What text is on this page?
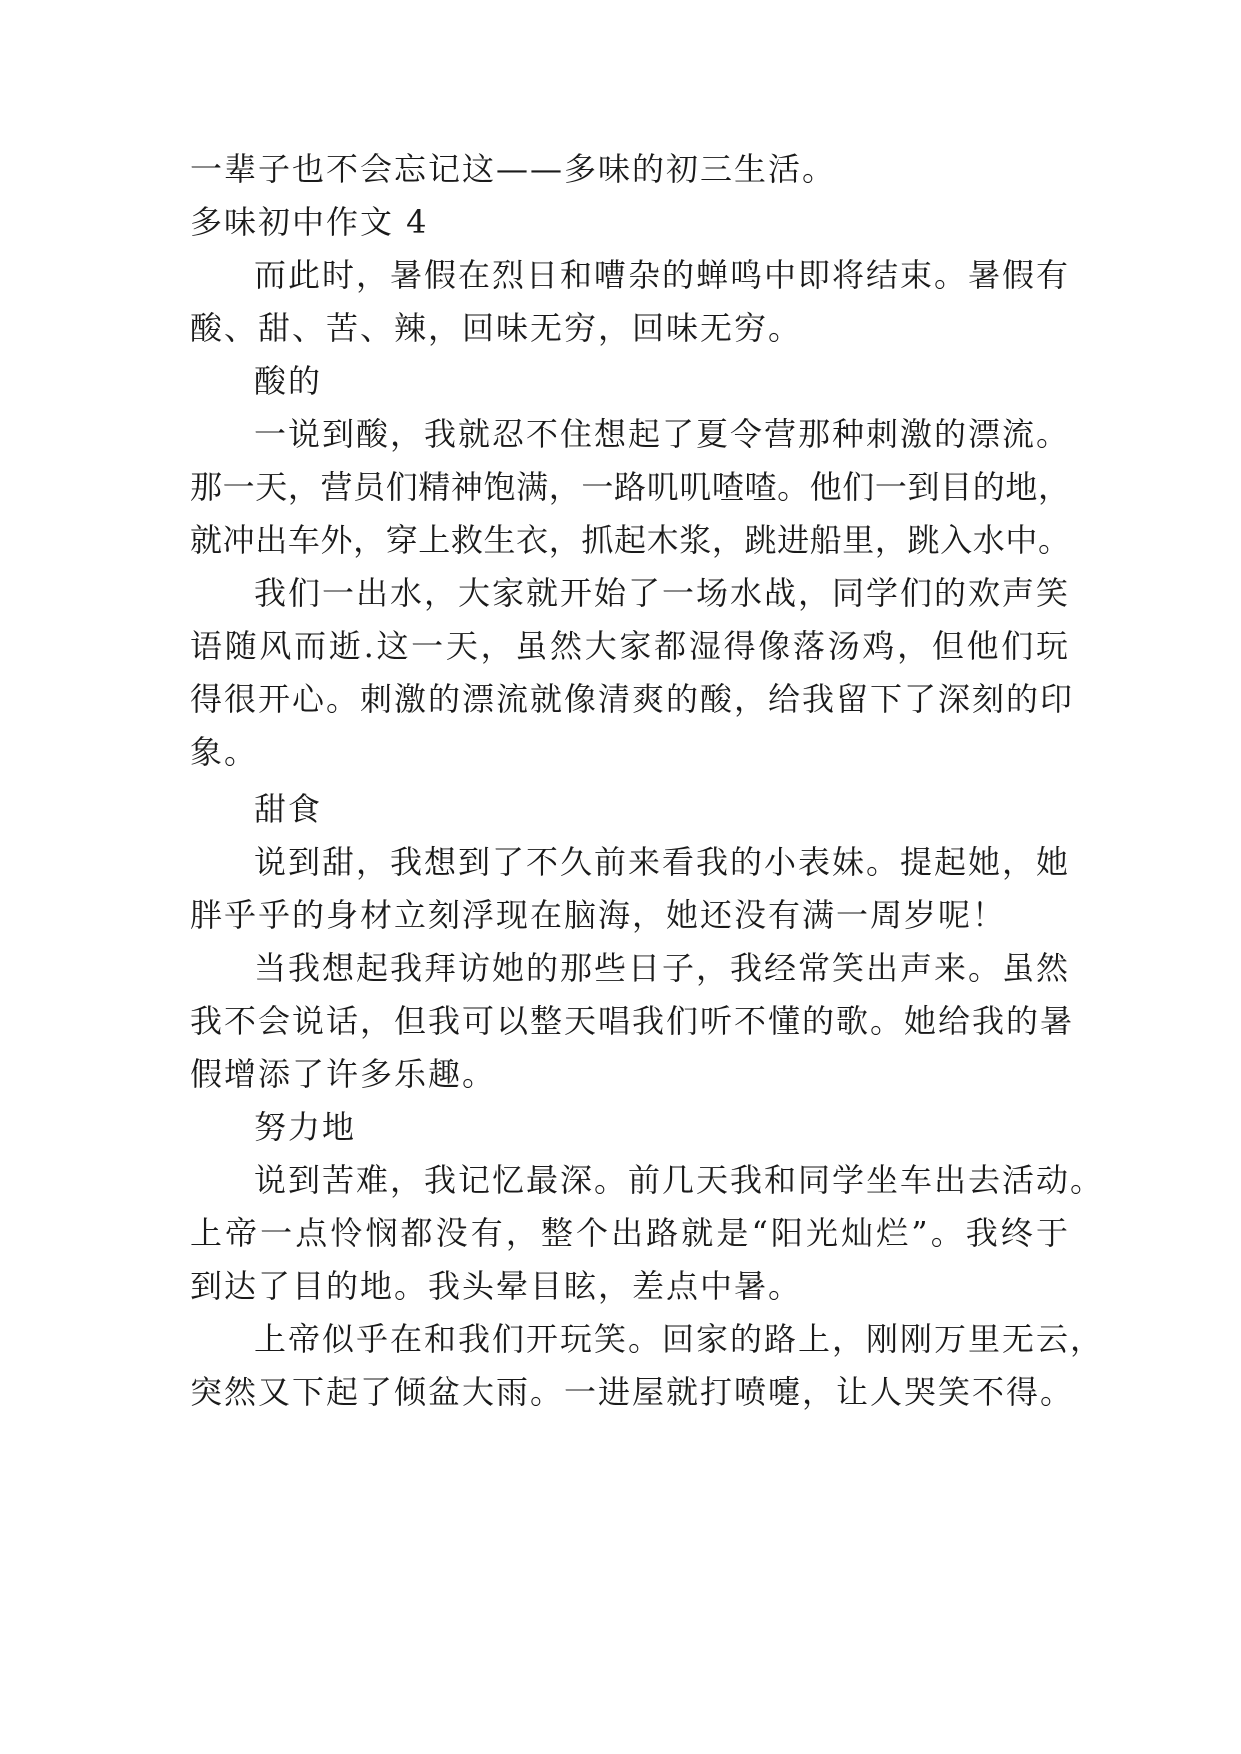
一辈子也不会忘记这——多味的初三生活。
多味初中作文 4
而此时，暑假在烈日和嘈杂的蝉鸣中即将结束。暑假有
酸、甜、苦、辣，回味无穷，回味无穷。
酸的
一说到酸，我就忍不住想起了夏令营那种刺激的漂流。
那一天，营员们精神饱满，一路叽叽喳喳。他们一到目的地，
就冲出车外，穿上救生衣，抓起木浆，跳进船里，跳入水中。
我们一出水，大家就开始了一场水战，同学们的欢声笑
语随风而逝.这一天，虽然大家都湿得像落汤鸡，但他们玩
得很开心。刺激的漂流就像清爽的酸，给我留下了深刻的印
象。
甜食
说到甜，我想到了不久前来看我的小表妹。提起她，她
胖乎乎的身材立刻浮现在脑海，她还没有满一周岁呢！
当我想起我拜访她的那些日子，我经常笑出声来。虽然
我不会说话，但我可以整天唱我们听不懂的歌。她给我的暑
假增添了许多乐趣。
努力地
说到苦难，我记忆最深。前几天我和同学坐车出去活动。
上帝一点怜悯都没有，整个出路就是“阳光灿烂”。我终于
到达了目的地。我头晕目眩，差点中暑。
上帝似乎在和我们开玩笑。回家的路上，刚刚万里无云，
突然又下起了倾盆大雨。一进屋就打喷嚏，让人哭笑不得。
